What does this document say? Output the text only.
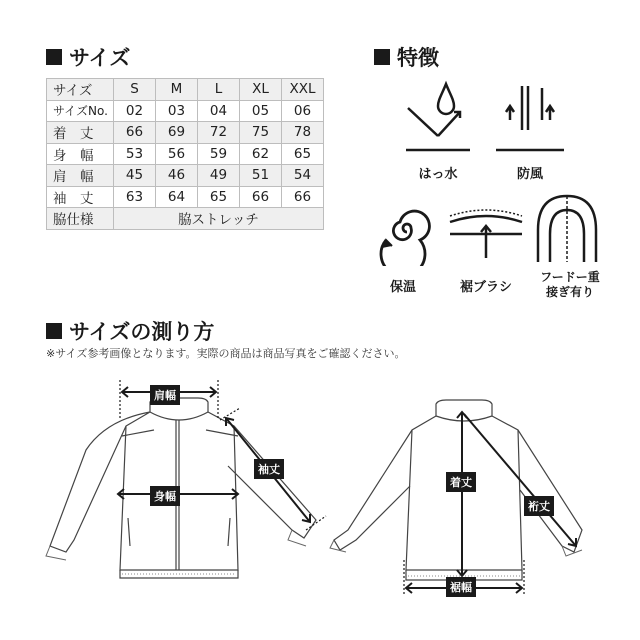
サイズ
サイズ	S	M	L	XL	XXL
サイズNo.	02	03	04	05	06
着　丈	66	69	72	75	78
身　幅	53	56	59	62	65
肩　幅	45	46	49	51	54
袖　丈	63	64	65	66	66
脇仕様	脇ストレッチ				
特徴
はっ水	防風
保温	裾ブラシ
フードー重
接ぎ有り
サイズの測り方
※サイズ参考画像となります。実際の商品は商品写真をご確認ください。
肩幅
身幅
袖丈
着丈
裄丈
裾幅
